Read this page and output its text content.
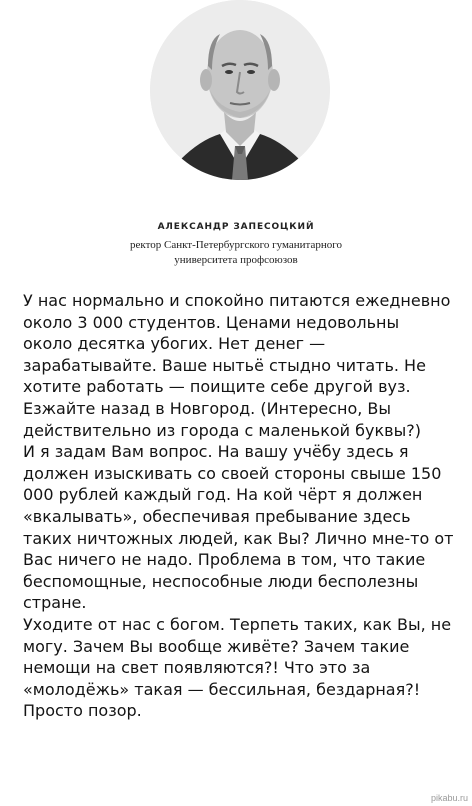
АЛЕКСАНДР ЗАПЕСОЦКИЙ
ректор Санкт-Петербургского гуманитарного
университета профсоюзов
У нас нормально и спокойно питаются ежедневно
около 3 000 студентов. Ценами недовольны
около десятка убогих. Нет денег —
зарабатывайте. Ваше нытьё стыдно читать. Не
хотите работать — поищите себе другой вуз.
Езжайте назад в Новгород. (Интересно, Вы
действительно из города с маленькой буквы?)
И я задам Вам вопрос. На вашу учёбу здесь я
должен изыскивать со своей стороны свыше 150
000 рублей каждый год. На кой чёрт я должен
«вкалывать», обеспечивая пребывание здесь
таких ничтожных людей, как Вы? Лично мне-то от
Вас ничего не надо. Проблема в том, что такие
беспомощные, неспособные люди бесполезны
стране.
Уходите от нас с богом. Терпеть таких, как Вы, не
могу. Зачем Вы вообще живёте? Зачем такие
немощи на свет появляются?! Что это за
«молодёжь» такая — бессильная, бездарная?!
Просто позор.
pikabu.ru
